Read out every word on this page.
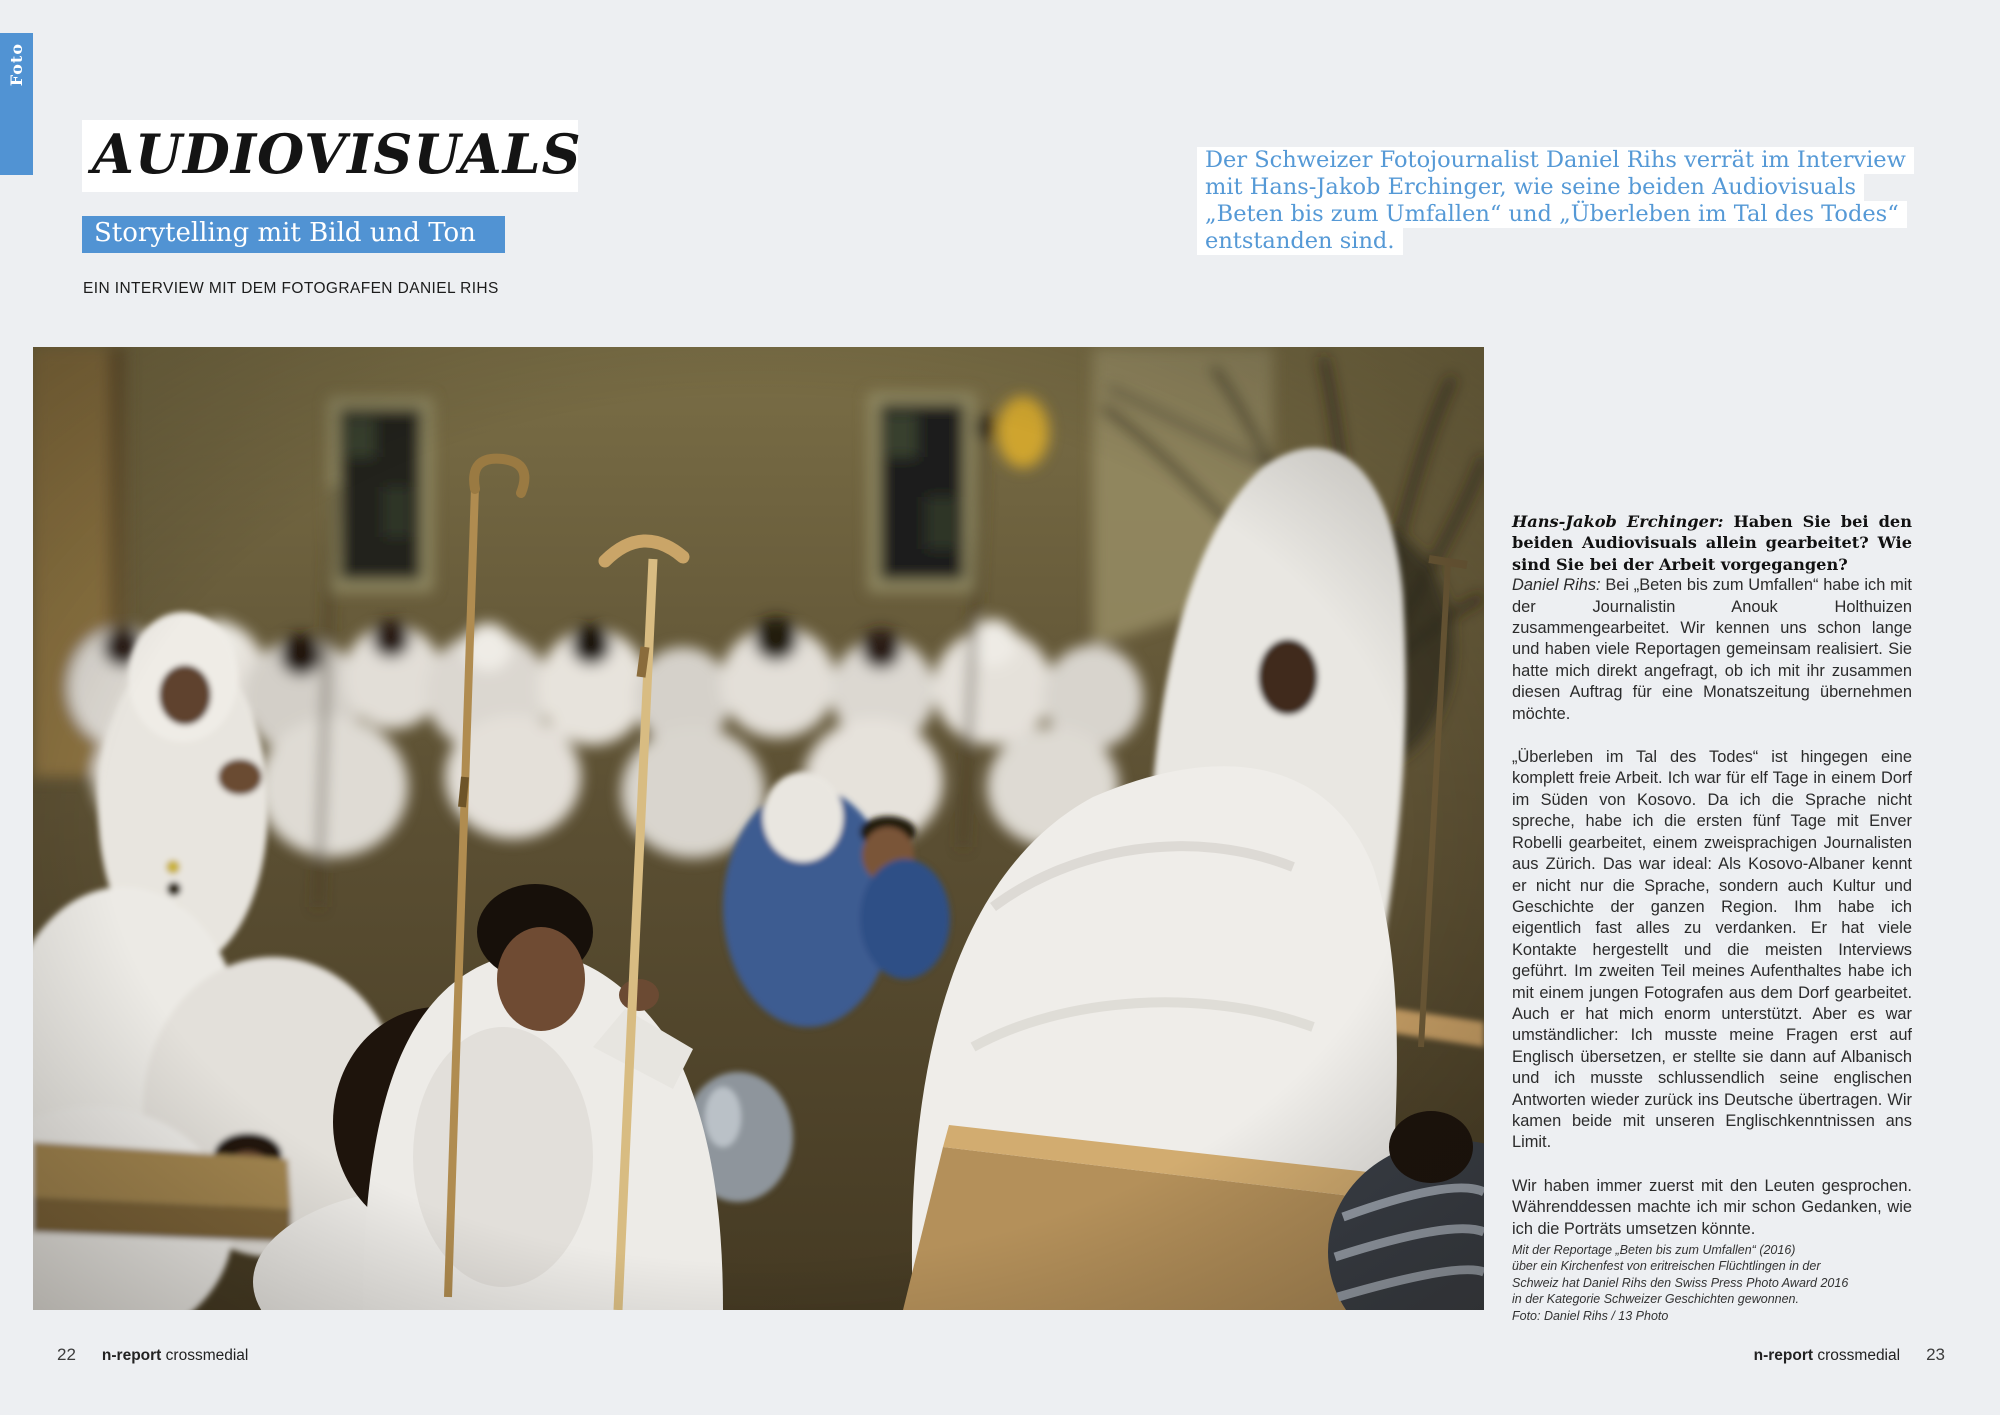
Foto
AUDIOVISUALS
Storytelling mit Bild und Ton
EIN INTERVIEW MIT DEM FOTOGRAFEN DANIEL RIHS
Der Schweizer Fotojournalist Daniel Rihs verrät im Interview
mit Hans-Jakob Erchinger, wie seine beiden Audiovisuals
„Beten bis zum Umfallen“ und „Überleben im Tal des Todes“
entstanden sind.

Hans-Jakob Erchinger: Haben Sie bei den beiden Audiovisuals allein gearbeitet? Wie sind Sie bei der Arbeit vorgegangen?

Daniel Rihs: Bei „Beten bis zum Umfallen“ habe ich mit der Journalistin Anouk Holthuizen zusammengearbeitet. Wir kennen uns schon lange und haben viele Reportagen gemeinsam realisiert. Sie hatte mich direkt angefragt, ob ich mit ihr zusammen diesen Auftrag für eine Monatszeitung übernehmen möchte.

„Überleben im Tal des Todes“ ist hingegen eine komplett freie Arbeit. Ich war für elf Tage in einem Dorf im Süden von Kosovo. Da ich die Sprache nicht spreche, habe ich die ersten fünf Tage mit Enver Robelli gearbeitet, einem zweisprachigen Journalisten aus Zürich. Das war ideal: Als Kosovo-Albaner kennt er nicht nur die Sprache, sondern auch Kultur und Geschichte der ganzen Region. Ihm habe ich eigentlich fast alles zu verdanken. Er hat viele Kontakte hergestellt und die meisten Interviews geführt. Im zweiten Teil meines Aufenthaltes habe ich mit einem jungen Fotografen aus dem Dorf gearbeitet. Auch er hat mich enorm unterstützt. Aber es war umständlicher: Ich musste meine Fragen erst auf Englisch übersetzen, er stellte sie dann auf Albanisch und ich musste schlussendlich seine englischen Antworten wieder zurück ins Deutsche übertragen. Wir kamen beide mit unseren Englischkenntnissen ans Limit.

Wir haben immer zuerst mit den Leuten gesprochen. Währenddessen machte ich mir schon Gedanken, wie ich die Porträts umsetzen könnte.

Mit der Reportage „Beten bis zum Umfallen“ (2016)
über ein Kirchenfest von eritreischen Flüchtlingen in der
Schweiz hat Daniel Rihs den Swiss Press Photo Award 2016
in der Kategorie Schweizer Geschichten gewonnen.
Foto: Daniel Rihs / 13 Photo
22 n-report crossmedial	n-report crossmedial 23
